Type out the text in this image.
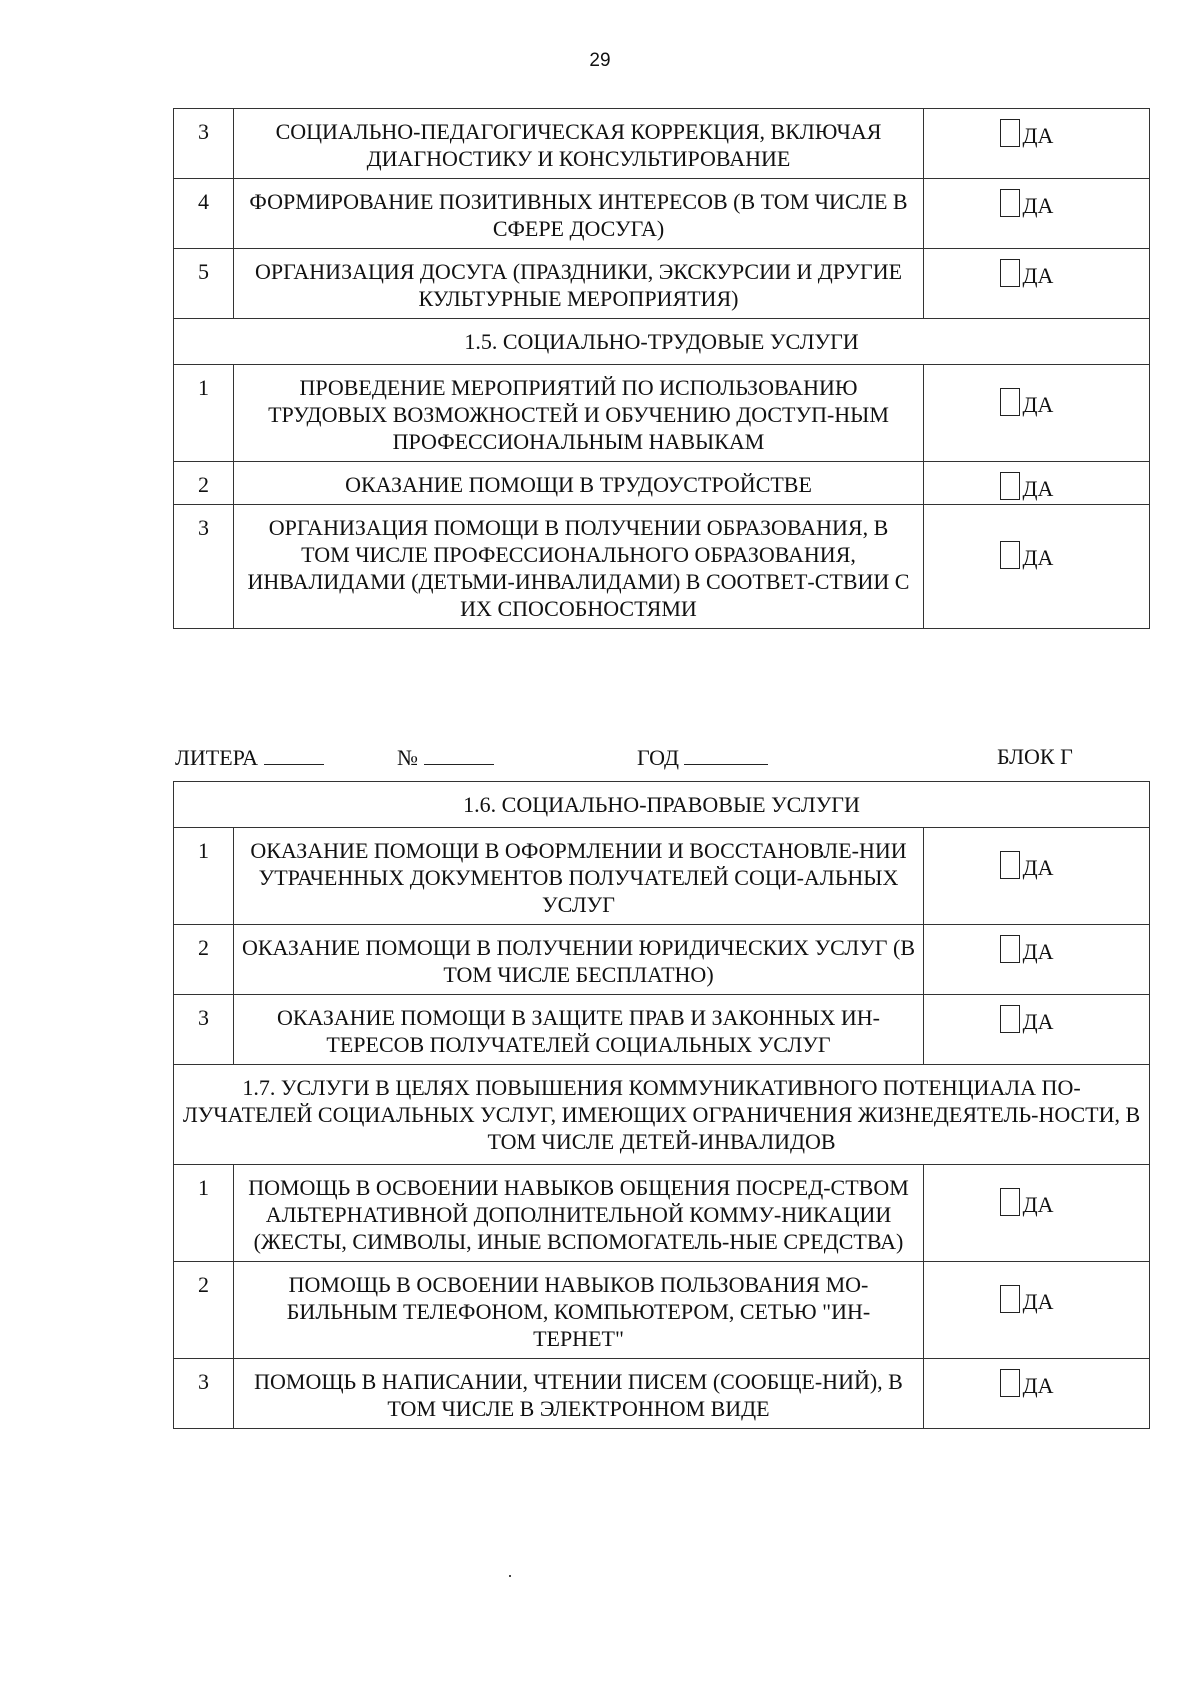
29
3	СОЦИАЛЬНО-ПЕДАГОГИЧЕСКАЯ КОРРЕКЦИЯ, ВКЛЮЧАЯ ДИАГНОСТИКУ И КОНСУЛЬТИРОВАНИЕ	ДА

4	ФОРМИРОВАНИЕ ПОЗИТИВНЫХ ИНТЕРЕСОВ (В ТОМ ЧИСЛЕ В СФЕРЕ ДОСУГА)	ДА

5	ОРГАНИЗАЦИЯ ДОСУГА (ПРАЗДНИКИ, ЭКСКУРСИИ И ДРУГИЕ КУЛЬТУРНЫЕ МЕРОПРИЯТИЯ)	ДА

1.5. СОЦИАЛЬНО-ТРУДОВЫЕ УСЛУГИ		
1	ПРОВЕДЕНИЕ МЕРОПРИЯТИЙ ПО ИСПОЛЬЗОВАНИЮ ТРУДОВЫХ ВОЗМОЖНОСТЕЙ И ОБУЧЕНИЮ ДОСТУП-НЫМ ПРОФЕССИОНАЛЬНЫМ НАВЫКАМ	ДА

2	ОКАЗАНИЕ ПОМОЩИ В ТРУДОУСТРОЙСТВЕ	ДА

3	ОРГАНИЗАЦИЯ ПОМОЩИ В ПОЛУЧЕНИИ ОБРАЗОВАНИЯ, В ТОМ ЧИСЛЕ ПРОФЕССИОНАЛЬНОГО ОБРАЗОВАНИЯ, ИНВАЛИДАМИ (ДЕТЬМИ-ИНВАЛИДАМИ) В СООТВЕТ-СТВИИ С ИХ СПОСОБНОСТЯМИ	ДА
ЛИТЕРА	№	ГОД	БЛОК Г
1.6. СОЦИАЛЬНО-ПРАВОВЫЕ УСЛУГИ		
1	ОКАЗАНИЕ ПОМОЩИ В ОФОРМЛЕНИИ И ВОССТАНОВЛЕ-НИИ УТРАЧЕННЫХ ДОКУМЕНТОВ ПОЛУЧАТЕЛЕЙ СОЦИ-АЛЬНЫХ УСЛУГ	ДА

2	ОКАЗАНИЕ ПОМОЩИ В ПОЛУЧЕНИИ ЮРИДИЧЕСКИХ УСЛУГ (В ТОМ ЧИСЛЕ БЕСПЛАТНО)	ДА

3	ОКАЗАНИЕ ПОМОЩИ В ЗАЩИТЕ ПРАВ И ЗАКОННЫХ ИН-ТЕРЕСОВ ПОЛУЧАТЕЛЕЙ СОЦИАЛЬНЫХ УСЛУГ	ДА

1.7. УСЛУГИ В ЦЕЛЯХ ПОВЫШЕНИЯ КОММУНИКАТИВНОГО ПОТЕНЦИАЛА ПО-ЛУЧАТЕЛЕЙ СОЦИАЛЬНЫХ УСЛУГ, ИМЕЮЩИХ ОГРАНИЧЕНИЯ ЖИЗНЕДЕЯТЕЛЬ-НОСТИ, В ТОМ ЧИСЛЕ ДЕТЕЙ-ИНВАЛИДОВ		
1	ПОМОЩЬ В ОСВОЕНИИ НАВЫКОВ ОБЩЕНИЯ ПОСРЕД-СТВОМ АЛЬТЕРНАТИВНОЙ ДОПОЛНИТЕЛЬНОЙ КОММУ-НИКАЦИИ (ЖЕСТЫ, СИМВОЛЫ, ИНЫЕ ВСПОМОГАТЕЛЬ-НЫЕ СРЕДСТВА)	ДА

2	ПОМОЩЬ В ОСВОЕНИИ НАВЫКОВ ПОЛЬЗОВАНИЯ МО-БИЛЬНЫМ ТЕЛЕФОНОМ, КОМПЬЮТЕРОМ, СЕТЬЮ "ИН-ТЕРНЕТ"	ДА

3	ПОМОЩЬ В НАПИСАНИИ, ЧТЕНИИ ПИСЕМ (СООБЩЕ-НИЙ), В ТОМ ЧИСЛЕ В ЭЛЕКТРОННОМ ВИДЕ	ДА
